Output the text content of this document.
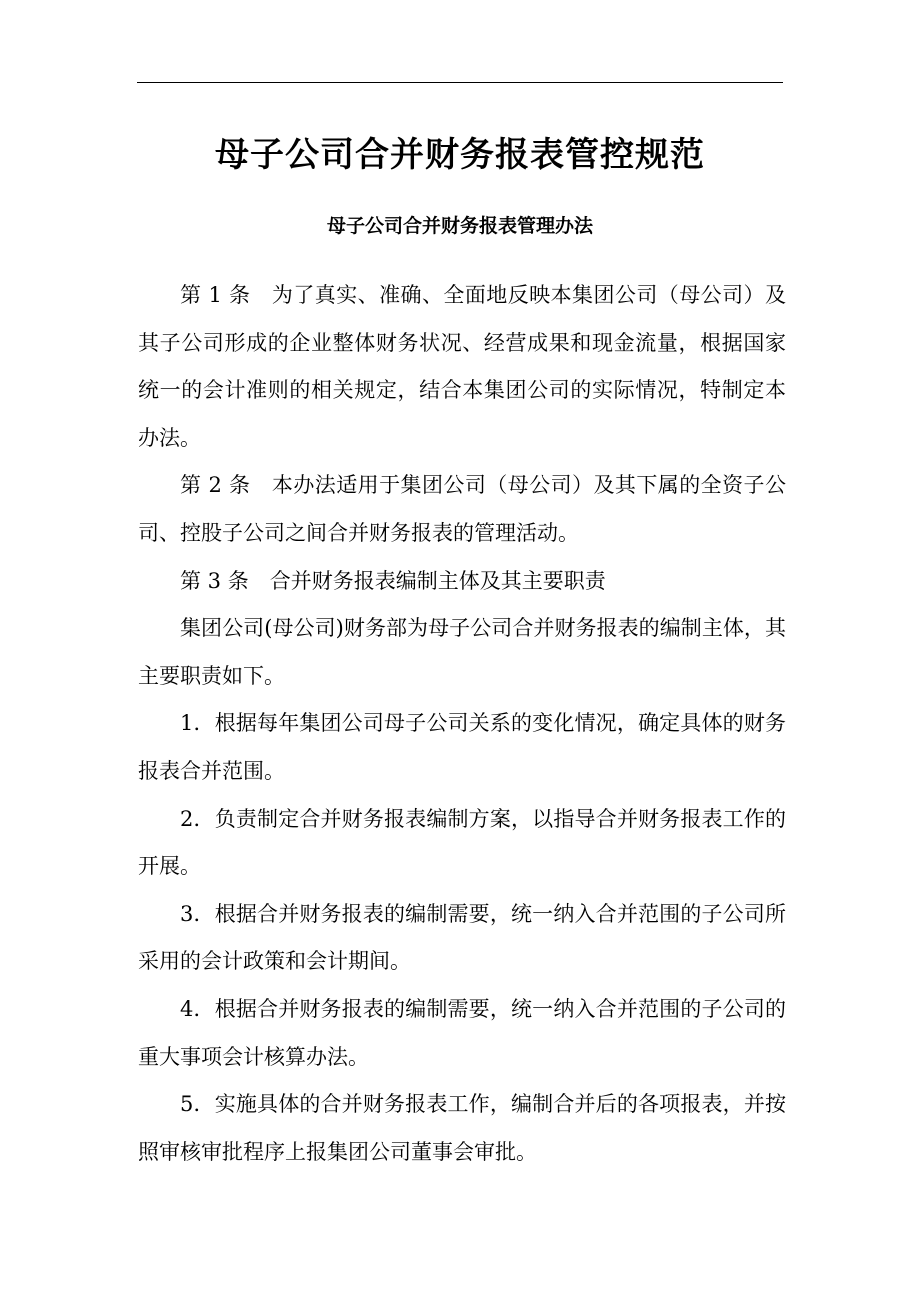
母子公司合并财务报表管控规范
母子公司合并财务报表管理办法

第 1 条　为了真实、准确、全面地反映本集团公司（母公司）及其子公司形成的企业整体财务状况、经营成果和现金流量，根据国家统一的会计准则的相关规定，结合本集团公司的实际情况，特制定本办法。

第 2 条　本办法适用于集团公司（母公司）及其下属的全资子公司、控股子公司之间合并财务报表的管理活动。

第 3 条　合并财务报表编制主体及其主要职责

集团公司(母公司)财务部为母子公司合并财务报表的编制主体，其主要职责如下。

1．根据每年集团公司母子公司关系的变化情况，确定具体的财务报表合并范围。

2．负责制定合并财务报表编制方案，以指导合并财务报表工作的开展。

3．根据合并财务报表的编制需要，统一纳入合并范围的子公司所采用的会计政策和会计期间。

4．根据合并财务报表的编制需要，统一纳入合并范围的子公司的重大事项会计核算办法。

5．实施具体的合并财务报表工作，编制合并后的各项报表，并按照审核审批程序上报集团公司董事会审批。
